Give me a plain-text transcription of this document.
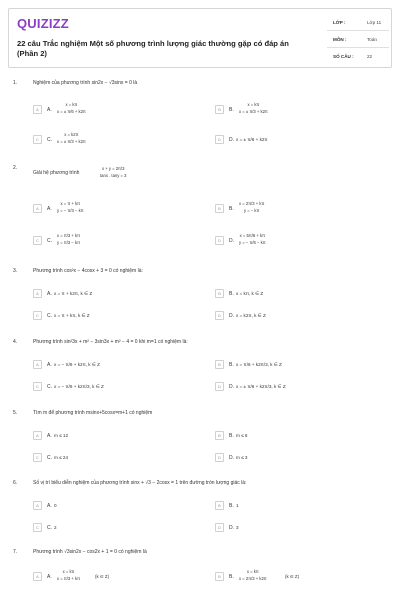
QUIZIZZ
22 câu Trắc nghiệm Một số phương trình lượng giác thường gặp có đáp án (Phần 2)
LỚP :	Lớp 11
MÔN :	Toán
SỐ CÂU :	22
1.	Nghiệm của phương trình sin2x − √3sinx = 0 là
A	A.
x = kπ
x = ± π/6 + k2π	B	B.
x = kπ
x = ± π/3 + k2π
C	C.
x = k2π
x = ± π/3 + k2π	D	D. x = ± π/6 + k2π
2.
Giải hệ phương trình
x + y = 2π/3
tanx . tany = 3
A	A.
x = π + kπ
y = − π/3 − kπ	B	B.
x = 2π/3 + kπ
y = − kπ
C	C.
x = π/3 + kπ
y = π/3 − kπ	D	D.
x = 5π/6 + kπ
y = − π/6 − kπ
3.	Phương trình cos²x − 4cosx + 3 = 0 có nghiệm là:
A	A. x = π + k2π, k ∈ Z	B	B. x = kπ, k ∈ Z
C	C. x = π + kπ, k ∈ Z	D	D. x = k2π, k ∈ Z
4.	Phương trình sin²3x + m² − 3sin3x + m² − 4 = 0 khi m=1 có nghiệm là:
A	A. x = − π/6 + k2π, k ∈ Z	B	B. x = π/6 + k2π/3, k ∈ Z
C	C. x = − π/6 + k2π/3, k ∈ Z	D	D. x = ± π/6 + k2π/3, k ∈ Z
5.	Tìm m để phương trình msinx+5cosx=m+1 có nghiệm
A	A. m ≤ 12	B	B. m ≤ 6
C	C. m ≤ 24	D	D. m ≤ 3
6.	Số vị trí biểu diễn nghiệm của phương trình sinx + √3 − 2cosx = 1 trên đường tròn lượng giác là:
A	A. 0	B	B. 1
C	C. 2	D	D. 3
7.	Phương trình √3sin2x − cos2x + 1 = 0 có nghiệm là
A	A.
x = kπ
x = π/3 + kπ	(k ∈ Z)	B	B.
x = kπ
x = 2π/3 + k2π	(k ∈ Z)
